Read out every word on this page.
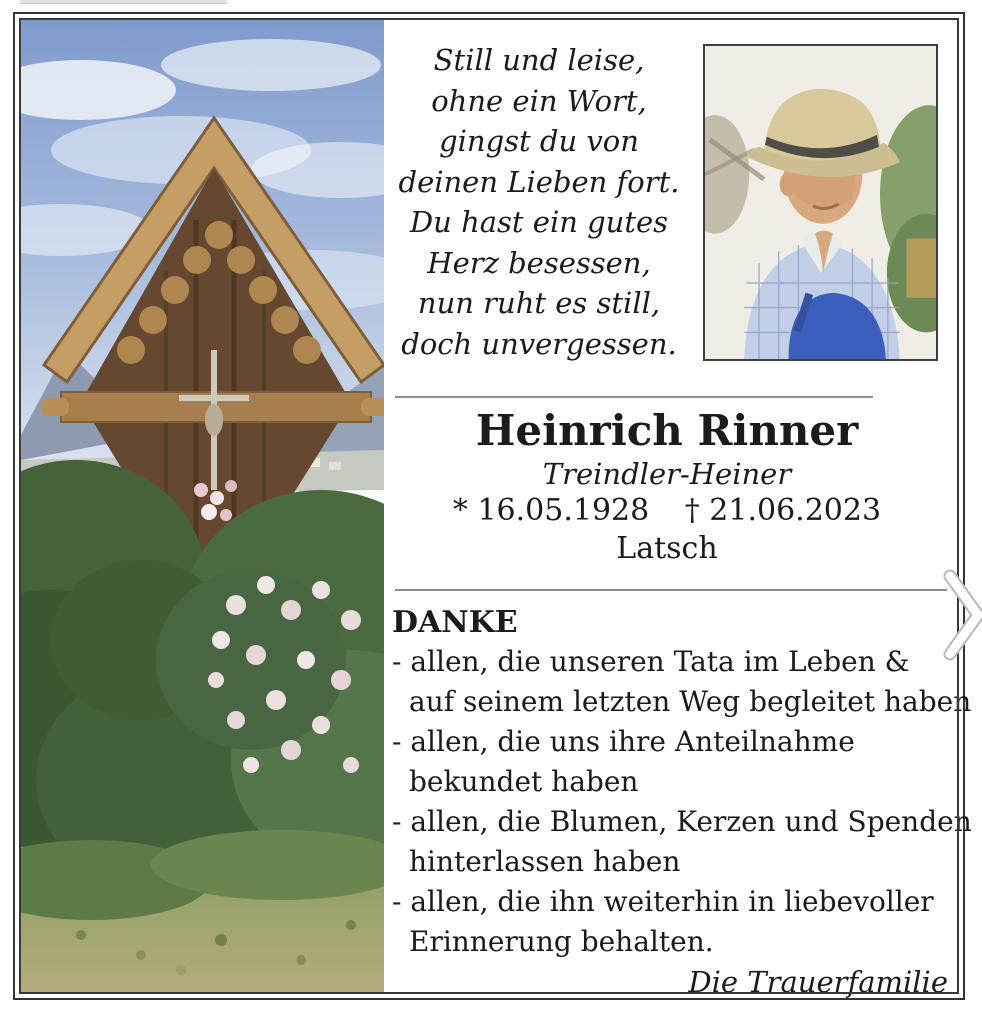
Still und leise,
ohne ein Wort,
gingst du von
deinen Lieben fort.
Du hast ein gutes
Herz besessen,
nun ruht es still,
doch unvergessen.
Heinrich Rinner
Treindler-Heiner
* 16.05.1928 † 21.06.2023
Latsch
DANKE
- allen, die unseren Tata im Leben &
auf seinem letzten Weg begleitet haben
- allen, die uns ihre Anteilnahme
bekundet haben
- allen, die Blumen, Kerzen und Spenden
hinterlassen haben
- allen, die ihn weiterhin in liebevoller
Erinnerung behalten.
Die Trauerfamilie
